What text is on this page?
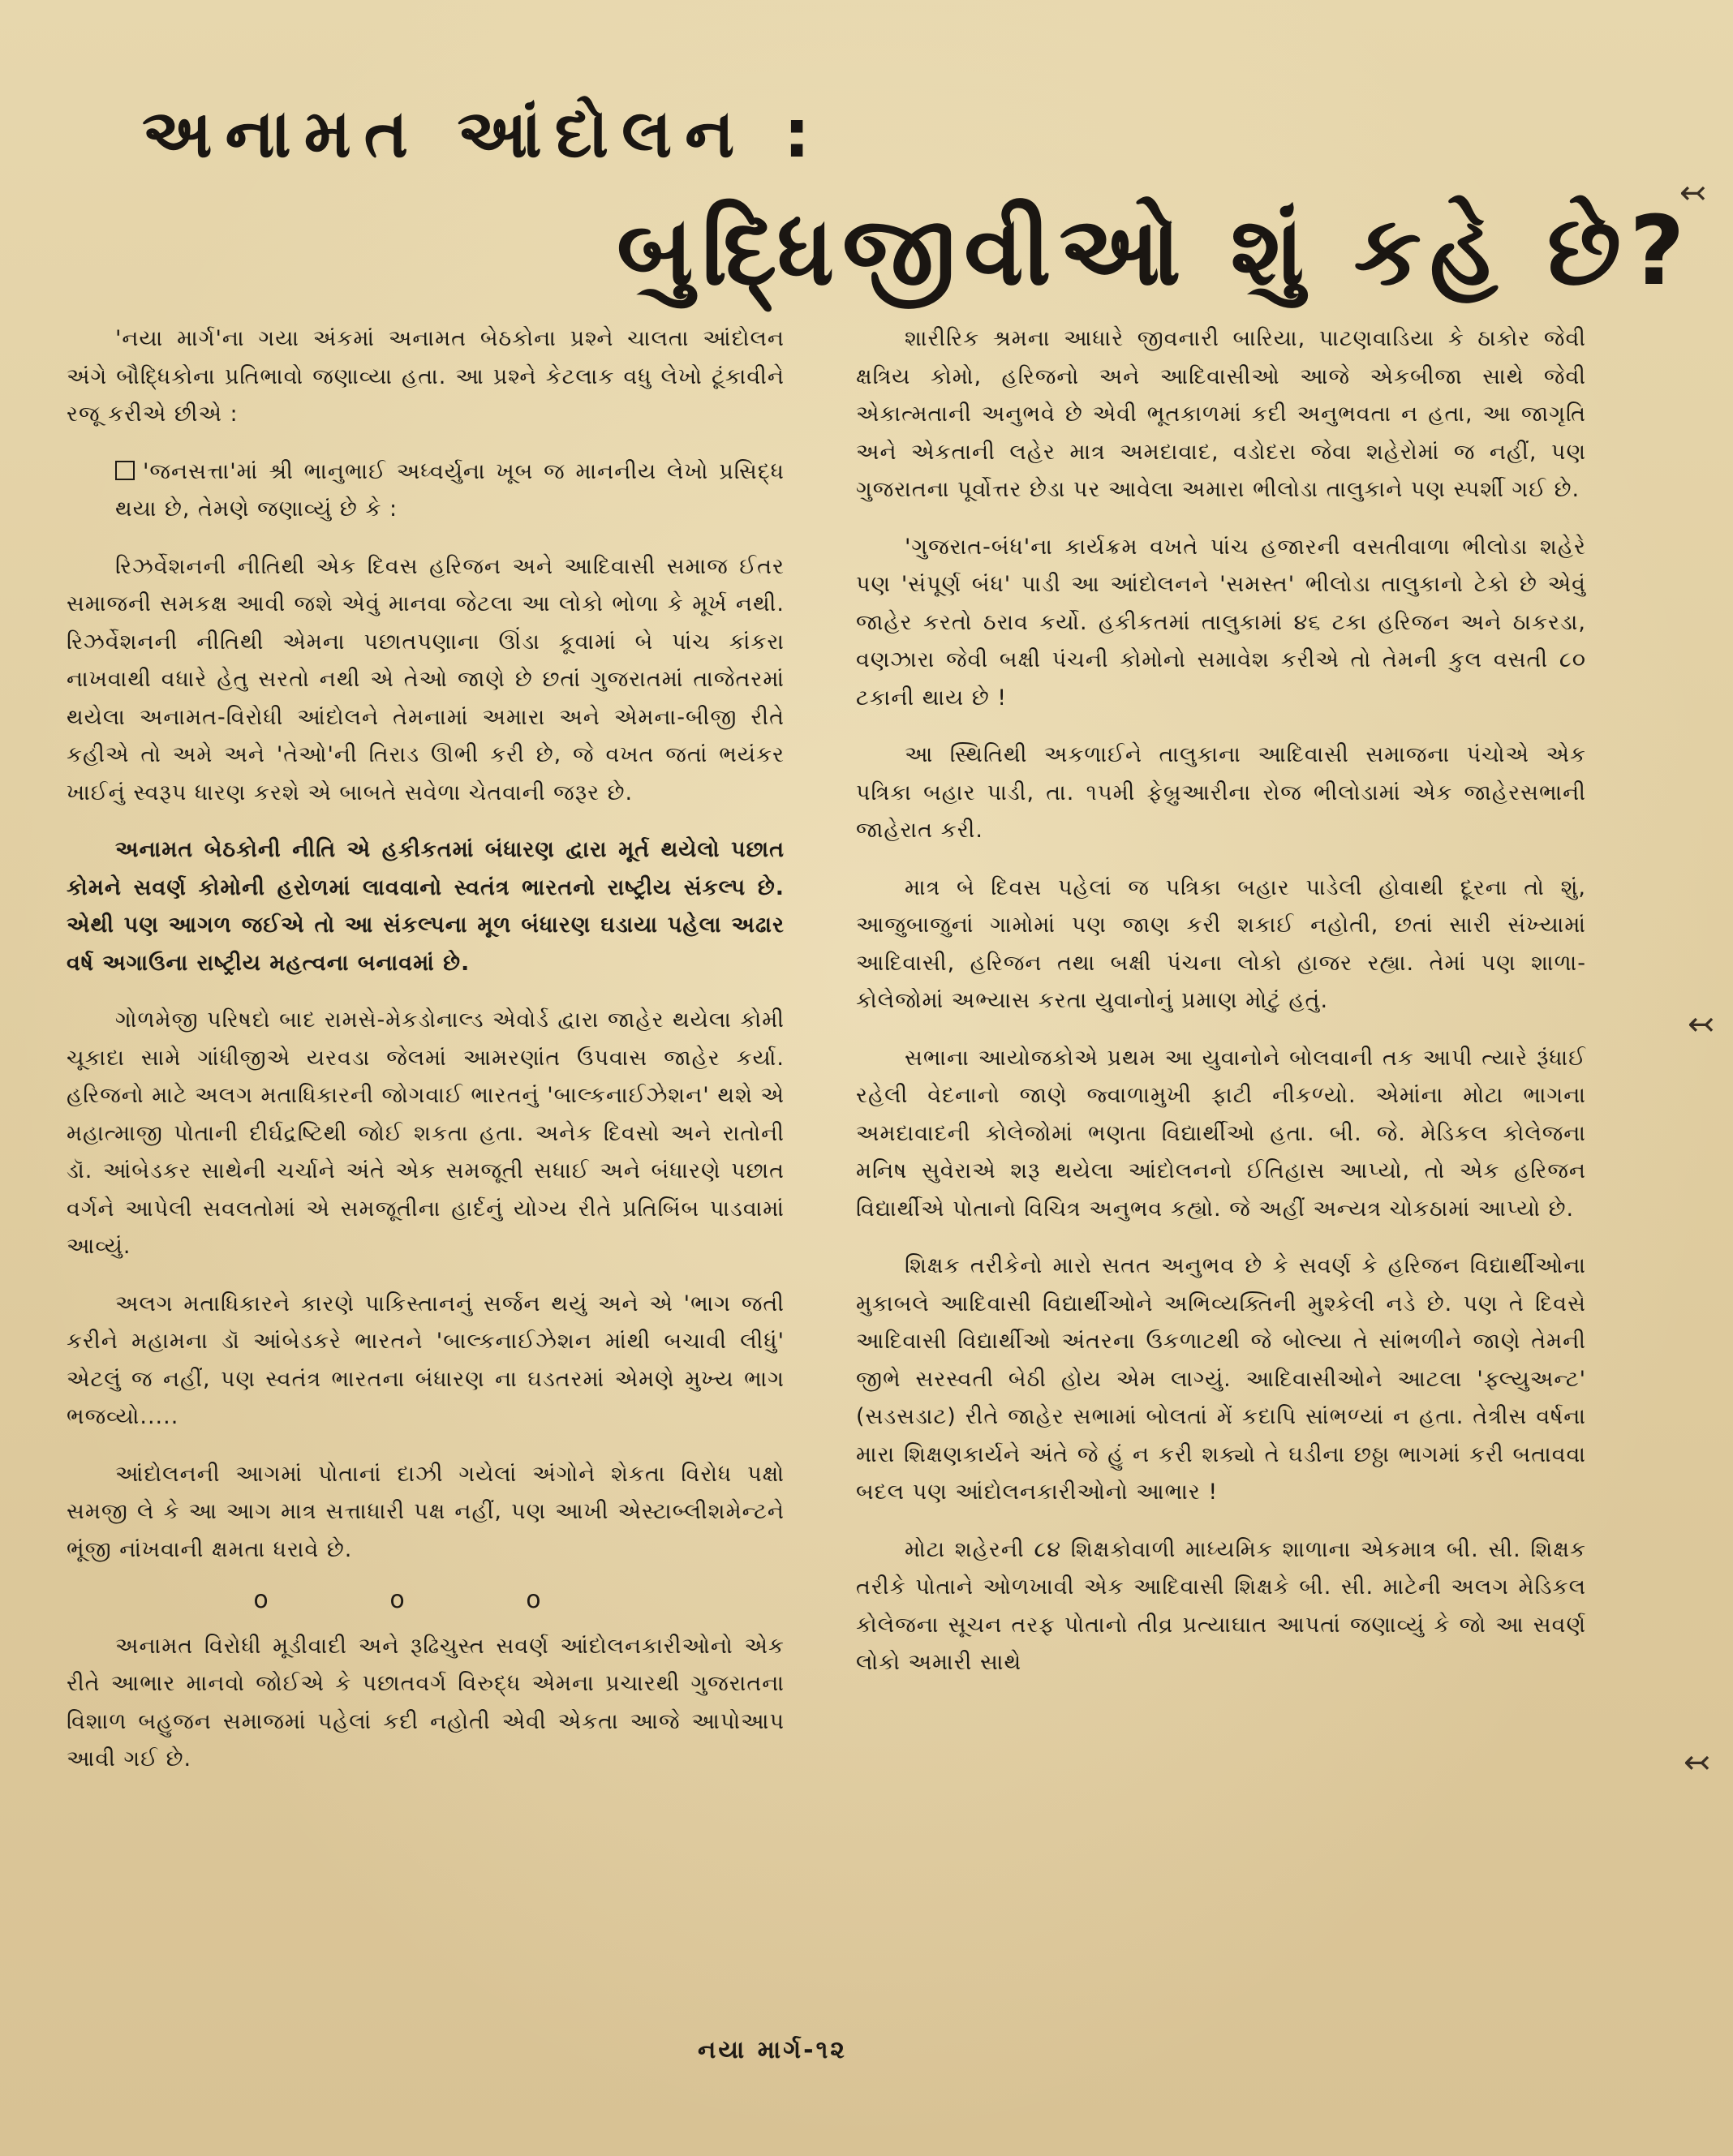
અનામત આંદોલન :
બુદ્ધિજીવીઓ શું કહે છે?

'નયા માર્ગ'ના ગયા અંકમાં અનામત બેઠકોના પ્રશ્ને ચાલતા આંદોલન અંગે બૌદ્ધિકોના પ્રતિભાવો જણાવ્યા હતા. આ પ્રશ્ને કેટલાક વધુ લેખો ટૂંકાવીને રજૂ કરીએ છીએ :

'જનસત્તા'માં શ્રી ભાનુભાઈ અધ્વર્યુના ખૂબ જ માનનીય લેખો પ્રસિદ્ધ થયા છે, તેમણે જણાવ્યું છે કે :

રિઝર્વેશનની નીતિથી એક દિવસ હરિજન અને આદિવાસી સમાજ ઈતર સમાજની સમકક્ષ આવી જશે એવું માનવા જેટલા આ લોકો ભોળા કે મૂર્ખ નથી. રિઝર્વેશનની નીતિથી એમના પછાતપણાના ઊંડા કૂવામાં બે પાંચ કાંકરા નાખવાથી વધારે હેતુ સરતો નથી એ તેઓ જાણે છે છતાં ગુજરાતમાં તાજેતરમાં થયેલા અનામત-વિરોધી આંદોલને તેમનામાં અમારા અને એમના-બીજી રીતે કહીએ તો અમે અને 'તેઓ'ની તિરાડ ઊભી કરી છે, જે વખત જતાં ભયંકર ખાઈનું સ્વરૂપ ધારણ કરશે એ બાબતે સવેળા ચેતવાની જરૂર છે.

અનામત બેઠકોની નીતિ એ હકીકતમાં બંધારણ દ્વારા મૂર્ત થયેલો પછાત કોમને સવર્ણ કોમોની હરોળમાં લાવવાનો સ્વતંત્ર ભારતનો રાષ્ટ્રીય સંકલ્પ છે. એથી પણ આગળ જઈએ તો આ સંકલ્પના મૂળ બંધારણ ઘડાયા પહેલા અઢાર વર્ષ અગાઉના રાષ્ટ્રીય મહત્વના બનાવમાં છે.

ગોળમેજી પરિષદો બાદ રામસે-મેકડોનાલ્ડ એવોર્ડ દ્વારા જાહેર થયેલા કોમી ચૂકાદા સામે ગાંધીજીએ યરવડા જેલમાં આમરણાંત ઉપવાસ જાહેર કર્યા. હરિજનો માટે અલગ મતાધિકારની જોગવાઈ ભારતનું 'બાલ્કનાઈઝેશન' થશે એ મહાત્માજી પોતાની દીર્ઘદ્રષ્ટિથી જોઈ શકતા હતા. અનેક દિવસો અને રાતોની ડૉ. આંબેડકર સાથેની ચર્ચાને અંતે એક સમજૂતી સધાઈ અને બંધારણે પછાત વર્ગને આપેલી સવલતોમાં એ સમજૂતીના હાર્દનું યોગ્ય રીતે પ્રતિબિંબ પાડવામાં આવ્યું.

અલગ મતાધિકારને કારણે પાકિસ્તાનનું સર્જન થયું અને એ 'ભાગ જતી કરીને મહામના ડૉ આંબેડકરે ભારતને 'બાલ્કનાઈઝેશન માંથી બચાવી લીધું' એટલું જ નહીં, પણ સ્વતંત્ર ભારતના બંધારણ ના ઘડતરમાં એમણે મુખ્ય ભાગ ભજવ્યો.....

આંદોલનની આગમાં પોતાનાં દાઝી ગયેલાં અંગોને શેકતા વિરોધ પક્ષો સમજી લે કે આ આગ માત્ર સત્તાધારી પક્ષ નહીં, પણ આખી એસ્ટાબ્લીશમેન્ટને ભૂંજી નાંખવાની ક્ષમતા ધરાવે છે.

o o o

અનામત વિરોધી મૂડીવાદી અને રૂઢિચુસ્ત સવર્ણ આંદોલનકારીઓનો એક રીતે આભાર માનવો જોઈએ કે પછાતવર્ગ વિરુદ્ધ એમના પ્રચારથી ગુજરાતના વિશાળ બહુજન સમાજમાં પહેલાં કદી નહોતી એવી એકતા આજે આપોઆપ આવી ગઈ છે.

શારીરિક શ્રમના આધારે જીવનારી બારિયા, પાટણવાડિયા કે ઠાકોર જેવી ક્ષત્રિય કોમો, હરિજનો અને આદિવાસીઓ આજે એકબીજા સાથે જેવી એકાત્મતાની અનુભવે છે એવી ભૂતકાળમાં કદી અનુભવતા ન હતા, આ જાગૃતિ અને એકતાની લહેર માત્ર અમદાવાદ, વડોદરા જેવા શહેરોમાં જ નહીં, પણ ગુજરાતના પૂર્વોત્તર છેડા પર આવેલા અમારા ભીલોડા તાલુકાને પણ સ્પર્શી ગઈ છે.

'ગુજરાત-બંધ'ના કાર્યક્રમ વખતે પાંચ હજારની વસતીવાળા ભીલોડા શહેરે પણ 'સંપૂર્ણ બંધ' પાડી આ આંદોલનને 'સમસ્ત' ભીલોડા તાલુકાનો ટેકો છે એવું જાહેર કરતો ઠરાવ કર્યો. હકીકતમાં તાલુકામાં ૪૬ ટકા હરિજન અને ઠાકરડા, વણઝારા જેવી બક્ષી પંચની કોમોનો સમાવેશ કરીએ તો તેમની કુલ વસતી ૮૦ ટકાની થાય છે !

આ સ્થિતિથી અકળાઈને તાલુકાના આદિવાસી સમાજના પંચોએ એક પત્રિકા બહાર પાડી, તા. ૧૫મી ફેબ્રુઆરીના રોજ ભીલોડામાં એક જાહેરસભાની જાહેરાત કરી.

માત્ર બે દિવસ પહેલાં જ પત્રિકા બહાર પાડેલી હોવાથી દૂરના તો શું, આજુબાજુનાં ગામોમાં પણ જાણ કરી શકાઈ નહોતી, છતાં સારી સંખ્યામાં આદિવાસી, હરિજન તથા બક્ષી પંચના લોકો હાજર રહ્યા. તેમાં પણ શાળા-કોલેજોમાં અભ્યાસ કરતા યુવાનોનું પ્રમાણ મોટું હતું.

સભાના આયોજકોએ પ્રથમ આ યુવાનોને બોલવાની તક આપી ત્યારે રૂંધાઈ રહેલી વેદનાનો જાણે જ્વાળામુખી ફાટી નીકળ્યો. એમાંના મોટા ભાગના અમદાવાદની કોલેજોમાં ભણતા વિદ્યાર્થીઓ હતા. બી. જે. મેડિકલ કોલેજના મનિષ સુવેરાએ શરૂ થયેલા આંદોલનનો ઈતિહાસ આપ્યો, તો એક હરિજન વિદ્યાર્થીએ પોતાનો વિચિત્ર અનુભવ કહ્યો. જે અહીં અન્યત્ર ચોકઠામાં આપ્યો છે.

શિક્ષક તરીકેનો મારો સતત અનુભવ છે કે સવર્ણ કે હરિજન વિદ્યાર્થીઓના મુકાબલે આદિવાસી વિદ્યાર્થીઓને અભિવ્યક્તિની મુશ્કેલી નડે છે. પણ તે દિવસે આદિવાસી વિદ્યાર્થીઓ અંતરના ઉકળાટથી જે બોલ્યા તે સાંભળીને જાણે તેમની જીભે સરસ્વતી બેઠી હોય એમ લાગ્યું. આદિવાસીઓને આટલા 'ફ્લ્યુઅન્ટ' (સડસડાટ) રીતે જાહેર સભામાં બોલતાં મેં કદાપિ સાંભળ્યાં ન હતા. તેત્રીસ વર્ષના મારા શિક્ષણકાર્યને અંતે જે હું ન કરી શક્યો તે ઘડીના છઠ્ઠા ભાગમાં કરી બતાવવા બદલ પણ આંદોલનકારીઓનો આભાર !

મોટા શહેરની ૮૪ શિક્ષકોવાળી માધ્યમિક શાળાના એકમાત્ર બી. સી. શિક્ષક તરીકે પોતાને ઓળખાવી એક આદિવાસી શિક્ષકે બી. સી. માટેની અલગ મેડિકલ કોલેજના સૂચન તરફ પોતાનો તીવ્ર પ્રત્યાઘાત આપતાં જણાવ્યું કે જો આ સવર્ણ લોકો અમારી સાથે

નયા માર્ગ-૧૨
↢
↢
↢
